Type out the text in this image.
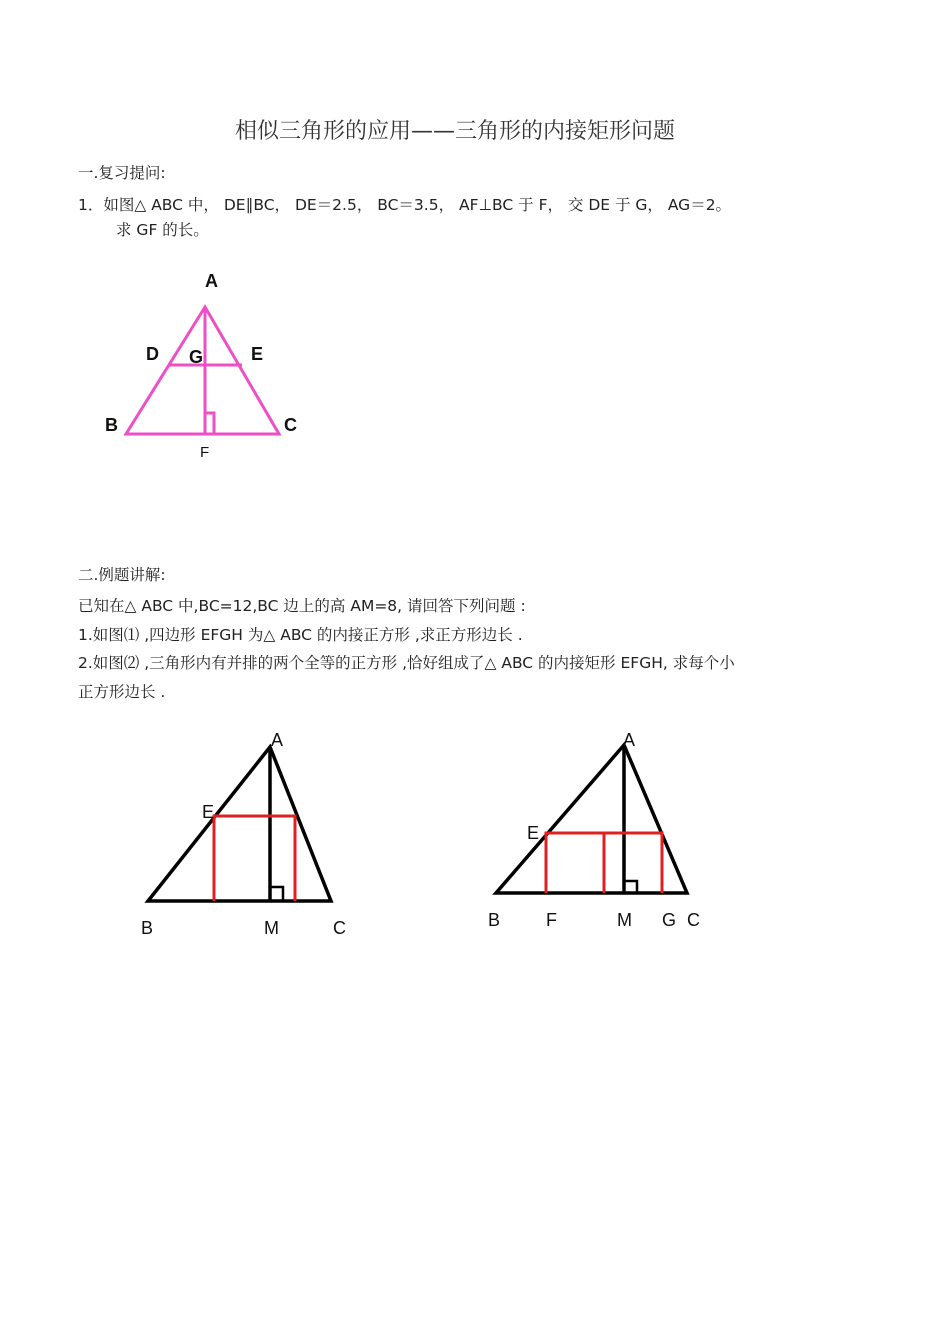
相似三角形的应用——三角形的内接矩形问题
一.复习提问:
1．如图△ ABC 中， DE∥BC， DE＝2.5， BC＝3.5， AF⊥BC 于 F， 交 DE 于 G， AG＝2。
求 GF 的长。
A
D G	E
B	C
F
二.例题讲解:
已知在△ ABC 中,BC=12,BC 边上的高 AM=8, 请回答下列问题 :
1.如图⑴ ,四边形 EFGH 为△ ABC 的内接正方形 ,求正方形边长 .
2.如图⑵ ,三角形内有并排的两个全等的正方形 ,恰好组成了△ ABC 的内接矩形 EFGH, 求每个小
正方形边长 .
A
E
B	M	C
A
E
B	F	M G C
